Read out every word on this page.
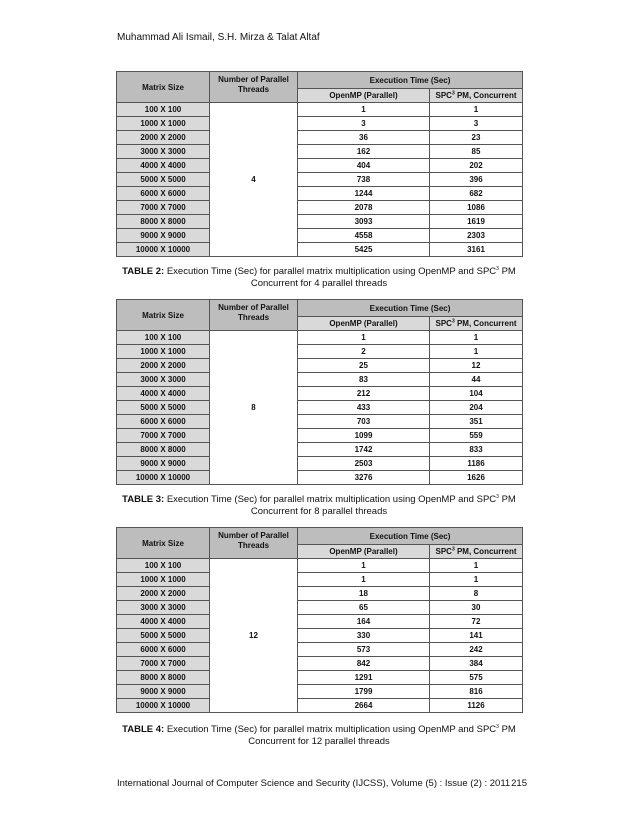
Muhammad Ali Ismail, S.H. Mirza & Talat Altaf
Matrix Size	Number of Parallel Threads	Execution Time (Sec)	
		OpenMP (Parallel)	SPC$^3$ PM, Concurrent
100 X 100	4	1	1
1000 X 1000		3	3
2000 X 2000		36	23
3000 X 3000		162	85
4000 X 4000		404	202
5000 X 5000		738	396
6000 X 6000		1244	682
7000 X 7000		2078	1086
8000 X 8000		3093	1619
9000 X 9000		4558	2303
10000 X 10000		5425	3161
TABLE 2: Execution Time (Sec) for parallel matrix multiplication using OpenMP and SPC$^3$ PM
Concurrent for 4 parallel threads
Matrix Size	Number of Parallel Threads	Execution Time (Sec)	
		OpenMP (Parallel)	SPC$^3$ PM, Concurrent
100 X 100	8	1	1
1000 X 1000		2	1
2000 X 2000		25	12
3000 X 3000		83	44
4000 X 4000		212	104
5000 X 5000		433	204
6000 X 6000		703	351
7000 X 7000		1099	559
8000 X 8000		1742	833
9000 X 9000		2503	1186
10000 X 10000		3276	1626
TABLE 3: Execution Time (Sec) for parallel matrix multiplication using OpenMP and SPC$^3$ PM
Concurrent for 8 parallel threads
Matrix Size	Number of Parallel Threads	Execution Time (Sec)	
		OpenMP (Parallel)	SPC$^3$ PM, Concurrent
100 X 100	12	1	1
1000 X 1000		1	1
2000 X 2000		18	8
3000 X 3000		65	30
4000 X 4000		164	72
5000 X 5000		330	141
6000 X 6000		573	242
7000 X 7000		842	384
8000 X 8000		1291	575
9000 X 9000		1799	816
10000 X 10000		2664	1126
TABLE 4: Execution Time (Sec) for parallel matrix multiplication using OpenMP and SPC$^3$ PM
Concurrent for 12 parallel threads
International Journal of Computer Science and Security (IJCSS), Volume (5) : Issue (2) : 2011 215
